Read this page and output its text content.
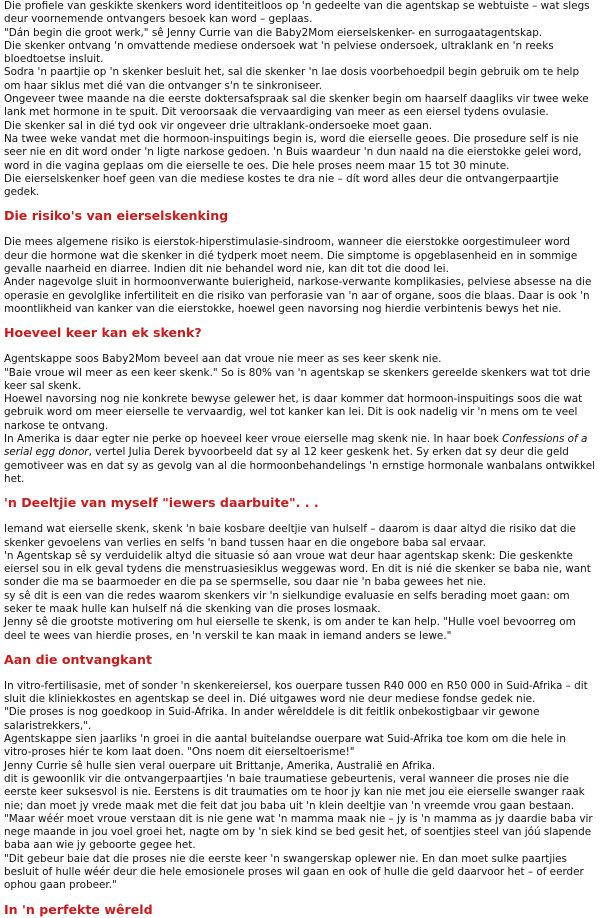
Die profiele van geskikte skenkers word identiteitloos op 'n gedeelte van die agentskap se webtuiste – wat slegs deur voornemende ontvangers besoek kan word – geplaas.

"Dán begin die groot werk," sê Jenny Currie van die Baby2Mom eierselskenker- en surrogaatagentskap.

Die skenker ontvang 'n omvattende mediese ondersoek wat 'n pelviese ondersoek, ultraklank en 'n reeks bloedtoetse insluit.

Sodra 'n paartjie op 'n skenker besluit het, sal die skenker 'n lae dosis voorbehoedpil begin gebruik om te help om haar siklus met dié van die ontvanger s'n te sinkroniseer.

Ongeveer twee maande na die eerste doktersafspraak sal die skenker begin om haarself daagliks vir twee weke lank met hormone in te spuit. Dit veroorsaak die vervaardiging van meer as een eiersel tydens ovulasie.

Die skenker sal in dié tyd ook vir ongeveer drie ultraklank-ondersoeke moet gaan.

Na twee weke vandat met die hormoon-inspuitings begin is, word die eierselle geoes. Die prosedure self is nie seer nie en dit word onder 'n ligte narkose gedoen. 'n Buis waardeur 'n dun naald na die eierstokke gelei word, word in die vagina geplaas om die eierselle te oes. Die hele proses neem maar 15 tot 30 minute.

Die eierselskenker hoef geen van die mediese kostes te dra nie – dít word alles deur die ontvangerpaartjie gedek.

Die risiko's van eierselskenking

Die mees algemene risiko is eierstok-hiperstimulasie-sindroom, wanneer die eierstokke oorgestimuleer word deur die hormone wat die skenker in dié tydperk moet neem. Die simptome is opgeblasenheid en in sommige gevalle naarheid en diarree. Indien dit nie behandel word nie, kan dit tot die dood lei.

Ander nagevolge sluit in hormoonverwante buierigheid, narkose-verwante komplikasies, pelviese absesse na die operasie en gevolglike infertiliteit en die risiko van perforasie van 'n aar of organe, soos die blaas. Daar is ook 'n moontlikheid van kanker van die eierstokke, hoewel geen navorsing nog hierdie verbintenis bewys het nie.

Hoeveel keer kan ek skenk?

Agentskappe soos Baby2Mom beveel aan dat vroue nie meer as ses keer skenk nie.

"Baie vroue wil meer as een keer skenk." So is 80% van 'n agentskap se skenkers gereelde skenkers wat tot drie keer sal skenk.

Hoewel navorsing nog nie konkrete bewyse gelewer het, is daar kommer dat hormoon-inspuitings soos die wat gebruik word om meer eierselle te vervaardig, wel tot kanker kan lei. Dit is ook nadelig vir 'n mens om te veel narkose te ontvang.

In Amerika is daar egter nie perke op hoeveel keer vroue eierselle mag skenk nie. In haar boek Confessions of a serial egg donor, vertel Julia Derek byvoorbeeld dat sy al 12 keer geskenk het. Sy erken dat sy deur die geld gemotiveer was en dat sy as gevolg van al die hormoonbehandelings 'n ernstige hormonale wanbalans ontwikkel het.

'n Deeltjie van myself "iewers daarbuite". . .

Iemand wat eierselle skenk, skenk 'n baie kosbare deeltjie van hulself – daarom is daar altyd die risiko dat die skenker gevoelens van verlies en selfs 'n band tussen haar en die ongebore baba sal ervaar.

'n Agentskap sê sy verduidelik altyd die situasie só aan vroue wat deur haar agentskap skenk: Die geskenkte eiersel sou in elk geval tydens die menstruasiesiklus weggewas word. En dit is nié die skenker se baba nie, want sonder die ma se baarmoeder en die pa se spermselle, sou daar nie 'n baba gewees het nie.

sy sê dit is een van die redes waarom skenkers vir 'n sielkundige evaluasie en selfs berading moet gaan: om seker te maak hulle kan hulself ná die skenking van die proses losmaak.

Jenny sê die grootste motivering om hul eierselle te skenk, is om ander te kan help. "Hulle voel bevoorreg om deel te wees van hierdie proses, en 'n verskil te kan maak in iemand anders se lewe."

Aan die ontvangkant

In vitro-fertilisasie, met of sonder 'n skenkereiersel, kos ouerpare tussen R40 000 en R50 000 in Suid-Afrika – dit sluit die kliniekkostes en agentskap se deel in. Dié uitgawes word nie deur mediese fondse gedek nie.

"Die proses is nog goedkoop in Suid-Afrika. In ander wêrelddele is dit feitlik onbekostigbaar vir gewone salaristrekkers,".

Agentskappe sien jaarliks 'n groei in die aantal buitelandse ouerpare wat Suid-Afrika toe kom om die hele in vitro-proses hiér te kom laat doen. "Ons noem dit eierseltoerisme!"

Jenny Currie sê hulle sien veral ouerpare uit Brittanje, Amerika, Australië en Afrika.

dit is gewoonlik vir die ontvangerpaartjies 'n baie traumatiese gebeurtenis, veral wanneer die proses nie die eerste keer suksesvol is nie. Eerstens is dit traumaties om te hoor jy kan nie met jou eie eierselle swanger raak nie; dan moet jy vrede maak met die feit dat jou baba uit 'n klein deeltjie van 'n vreemde vrou gaan bestaan.

"Maar wéér moet vroue verstaan dit is nie gene wat 'n mamma maak nie – jy is 'n mamma as jy daardie baba vir nege maande in jou voel groei het, nagte om by 'n siek kind se bed gesit het, of soentjies steel van jóú slapende baba aan wie jy geboorte gegee het.

"Dit gebeur baie dat die proses nie die eerste keer 'n swangerskap oplewer nie. En dan moet sulke paartjies besluit of hulle wéér deur die hele emosionele proses wil gaan en ook of hulle die geld daarvoor het – of eerder ophou gaan probeer."

In 'n perfekte wêreld
